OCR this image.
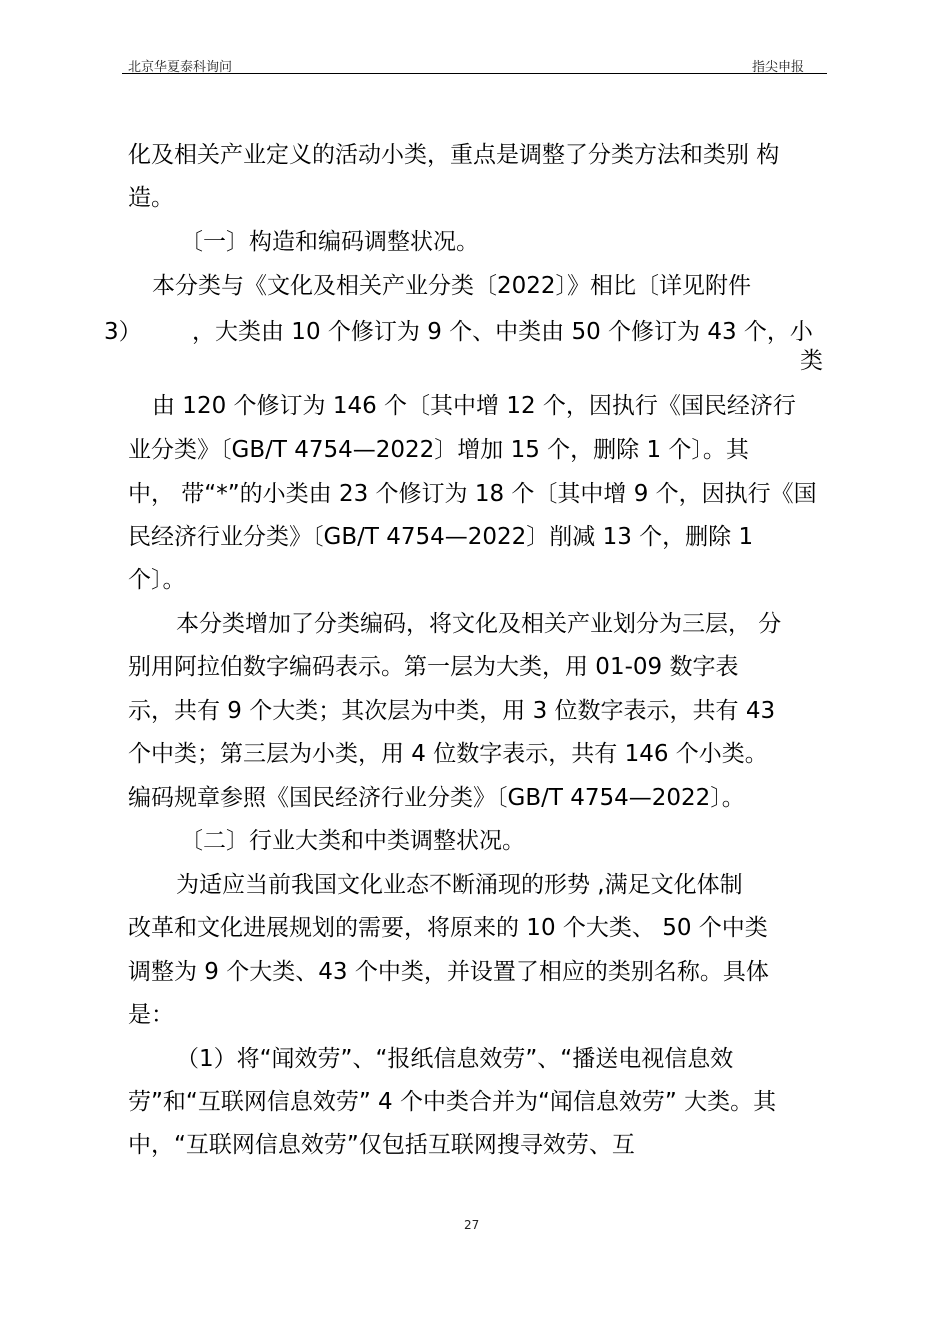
北京华夏泰科询问	指尖申报
化及相关产业定义的活动小类，重点是调整了分类方法和类别 构
造。
〔一〕构造和编码调整状况。
本分类与《文化及相关产业分类〔2022〕》相比〔详见附件
3） ，大类由 10 个修订为 9 个、中类由 50 个修订为 43 个，小
类
由 120 个修订为 146 个〔其中增 12 个，因执行《国民经济行
业分类》〔GB/T 4754—2022〕增加 15 个，删除 1 个〕。其
中， 带“*”的小类由 23 个修订为 18 个〔其中增 9 个，因执行《国
民经济行业分类》〔GB/T 4754—2022〕削减 13 个，删除 1
个〕。
本分类增加了分类编码，将文化及相关产业划分为三层， 分
别用阿拉伯数字编码表示。第一层为大类，用 01-09 数字表
示，共有 9 个大类；其次层为中类，用 3 位数字表示，共有 43
个中类；第三层为小类，用 4 位数字表示，共有 146 个小类。
编码规章参照《国民经济行业分类》〔GB/T 4754—2022〕。
〔二〕行业大类和中类调整状况。
为适应当前我国文化业态不断涌现的形势 ,满足文化体制
改革和文化进展规划的需要，将原来的 10 个大类、 50 个中类
调整为 9 个大类、43 个中类，并设置了相应的类别名称。具体
是：
（1）将“闻效劳”、“报纸信息效劳”、“播送电视信息效
劳”和“互联网信息效劳” 4 个中类合并为“闻信息效劳” 大类。其
中，“互联网信息效劳”仅包括互联网搜寻效劳、互
27
